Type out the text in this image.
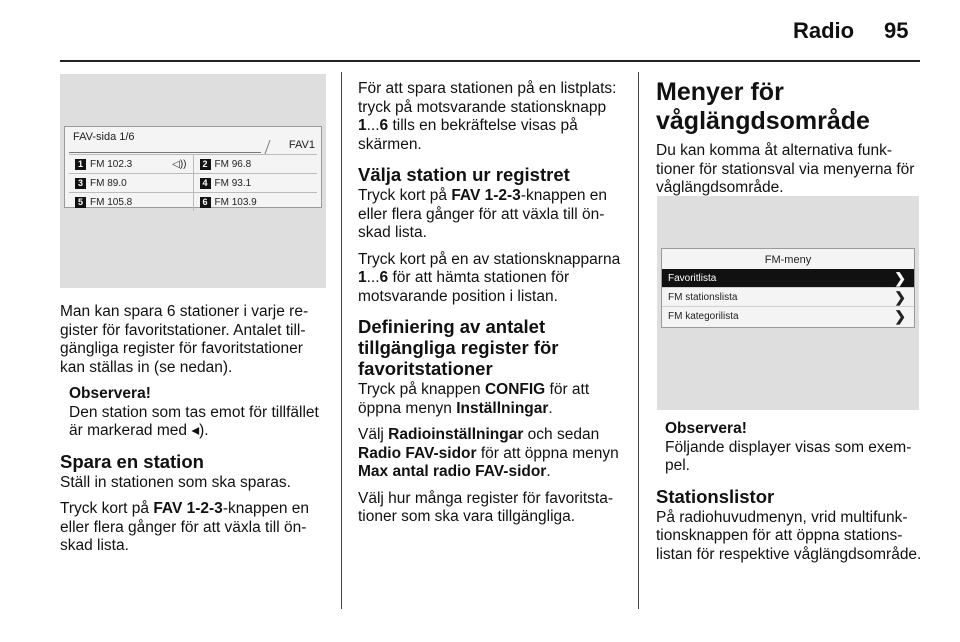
Radio 95
FAV-sida 1/6
FAV1
1 FM 102.3	◁))	2 FM 96.8
3 FM 89.0	4 FM 93.1
5 FM 105.8	6 FM 103.9

Man kan spara 6 stationer i varje register för favoritstationer. Antalet tillgängliga register för favoritstationer kan ställas in (se nedan).

Observera!
Den station som tas emot för tillfället är markerad med ◂).
Spara en station

Ställ in stationen som ska sparas.

Tryck kort på FAV 1-2-3-knappen en eller flera gånger för att växla till önskad lista.

För att spara stationen på en listplats: tryck på motsvarande stationsknapp 1...6 tills en bekräftelse visas på skärmen.

Välja station ur registret

Tryck kort på FAV 1-2-3-knappen en eller flera gånger för att växla till önskad lista.

Tryck kort på en av stationsknapparna 1...6 för att hämta stationen för motsvarande position i listan.

Definiering av antalet tillgängliga register för favoritstationer

Tryck på knappen CONFIG för att öppna menyn Inställningar.

Välj Radioinställningar och sedan Radio FAV-sidor för att öppna menyn Max antal radio FAV-sidor.

Välj hur många register för favoritstationer som ska vara tillgängliga.

Menyer för våglängdsområde

Du kan komma åt alternativa funktioner för stationsval via menyerna för våglängdsområde.

FM-meny
Favoritlista	❯
FM stationslista	❯
FM kategorilista	❯
Observera!
Följande displayer visas som exempel.
Stationslistor

På radiohuvudmenyn, vrid multifunktionsknappen för att öppna stationslistan för respektive våglängdsområde.
